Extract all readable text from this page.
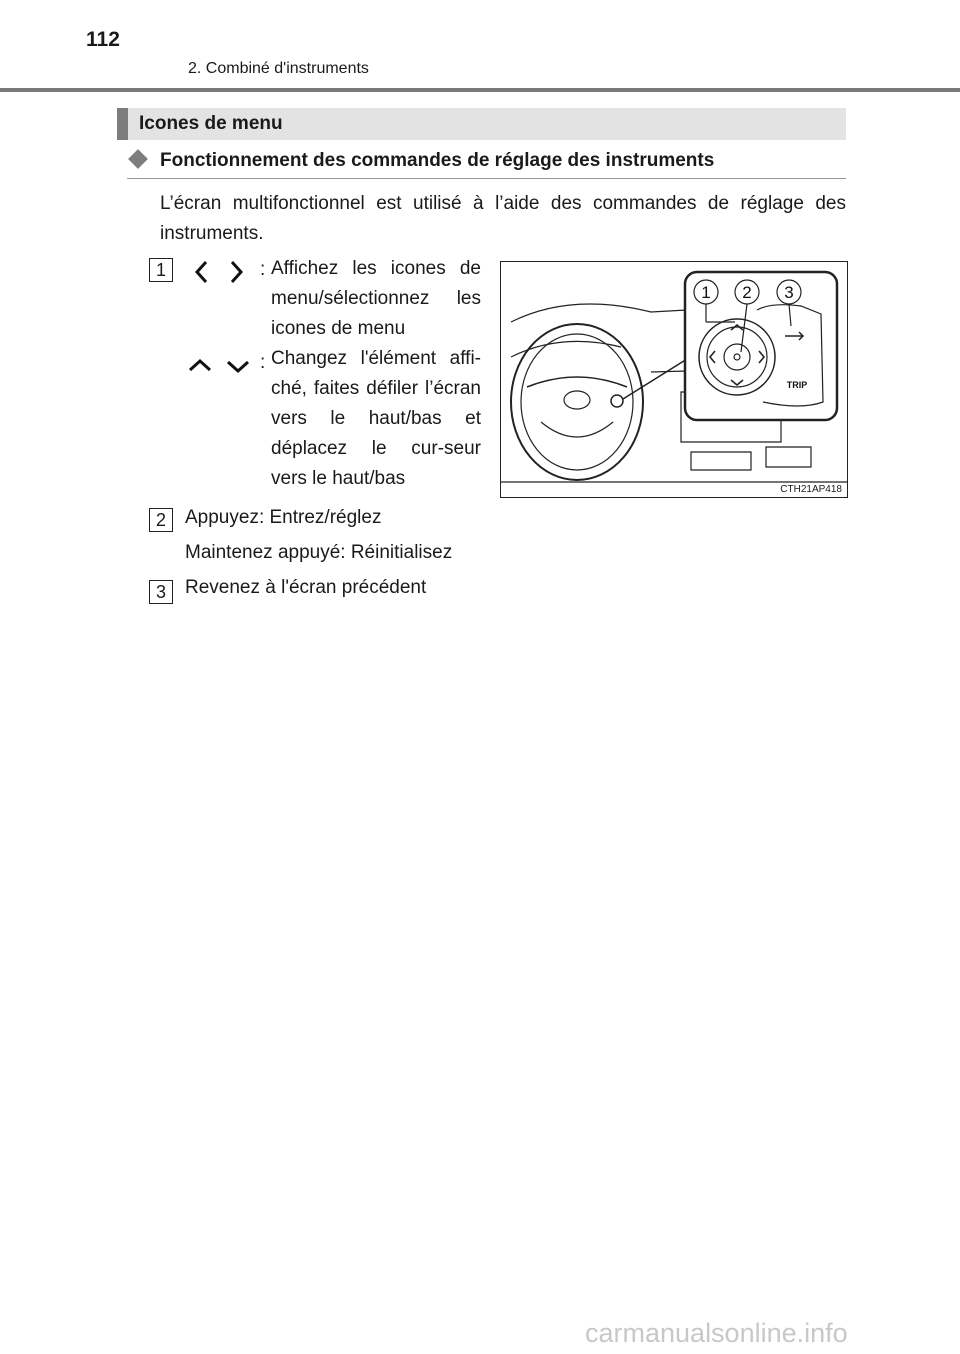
112
2. Combiné d'instruments
Icones de menu
Fonctionnement des commandes de réglage des instruments
L’écran multifonctionnel est utilisé à l’aide des commandes de réglage des instruments.
1	: Affichez les icones de menu/sélectionnez les icones de menu
: Changez l'élément affi-ché, faites défiler l’écran vers le haut/bas et déplacez le cur-seur vers le haut/bas
2	Appuyez: Entrez/réglez
Maintenez appuyé: Réinitialisez
3	Revenez à l'écran précédent
1 2 3
TRIP
CTH21AP418
carmanualsonline.info
